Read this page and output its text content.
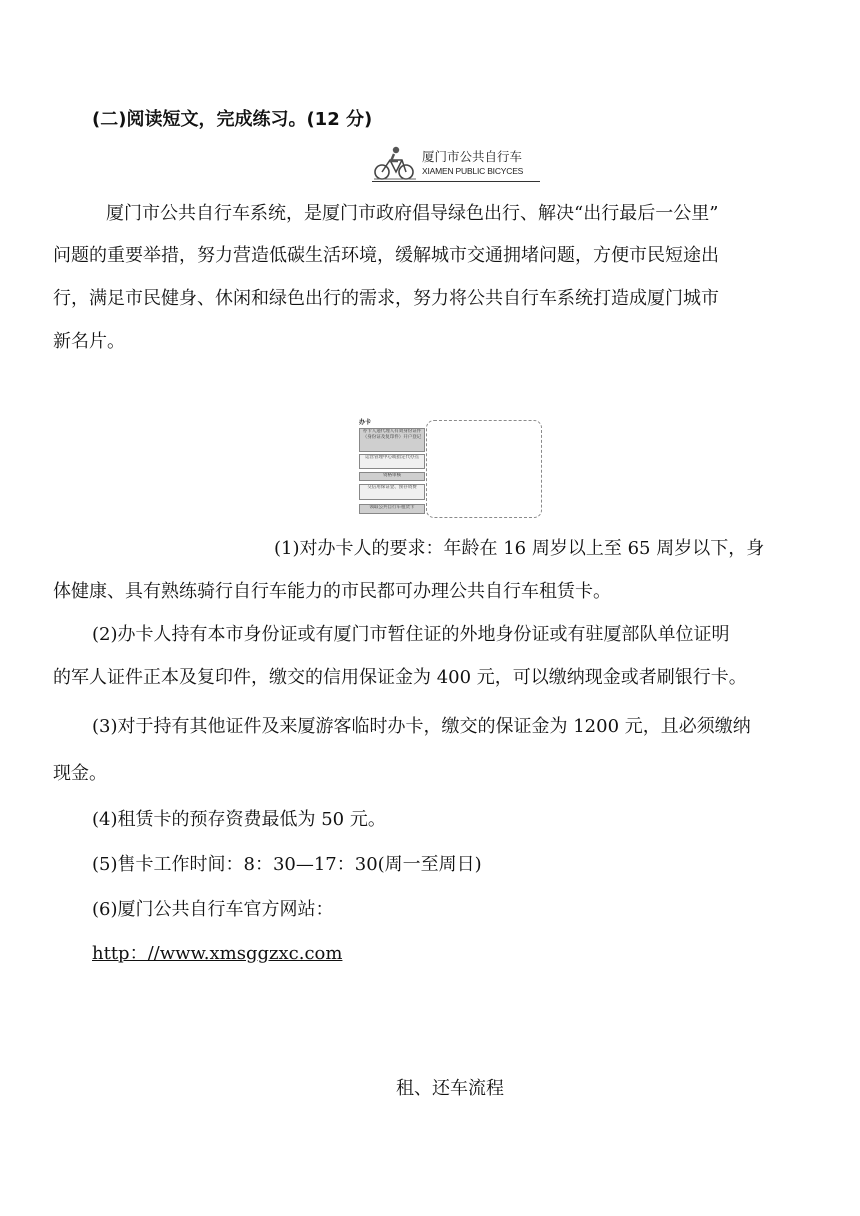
(二)阅读短文，完成练习。(12 分)
厦门市公共自行车
XIAMEN PUBLIC BICYCES
厦门市公共自行车系统，是厦门市政府倡导绿色出行、解决“出行最后一公里”
问题的重要举措，努力营造低碳生活环境，缓解城市交通拥堵问题，方便市民短途出
行，满足市民健身、休闲和绿色出行的需求，努力将公共自行车系统打造成厦门城市
新名片。
办卡
办卡人递代理人有效身份证件（身份证及复印件）开户登记
运营管理中心或指定代办点
资格审核
交信用保证金、预存资费
领取公共自行车租赁卡
(1)对办卡人的要求：年龄在 16 周岁以上至 65 周岁以下，身
体健康、具有熟练骑行自行车能力的市民都可办理公共自行车租赁卡。
(2)办卡人持有本市身份证或有厦门市暂住证的外地身份证或有驻厦部队单位证明
的军人证件正本及复印件，缴交的信用保证金为 400 元，可以缴纳现金或者刷银行卡。
(3)对于持有其他证件及来厦游客临时办卡，缴交的保证金为 1200 元，且必须缴纳
现金。
(4)租赁卡的预存资费最低为 50 元。
(5)售卡工作时间：8：30—17：30(周一至周日)
(6)厦门公共自行车官方网站：
http：//www.xmsggzxc.com
租、还车流程
